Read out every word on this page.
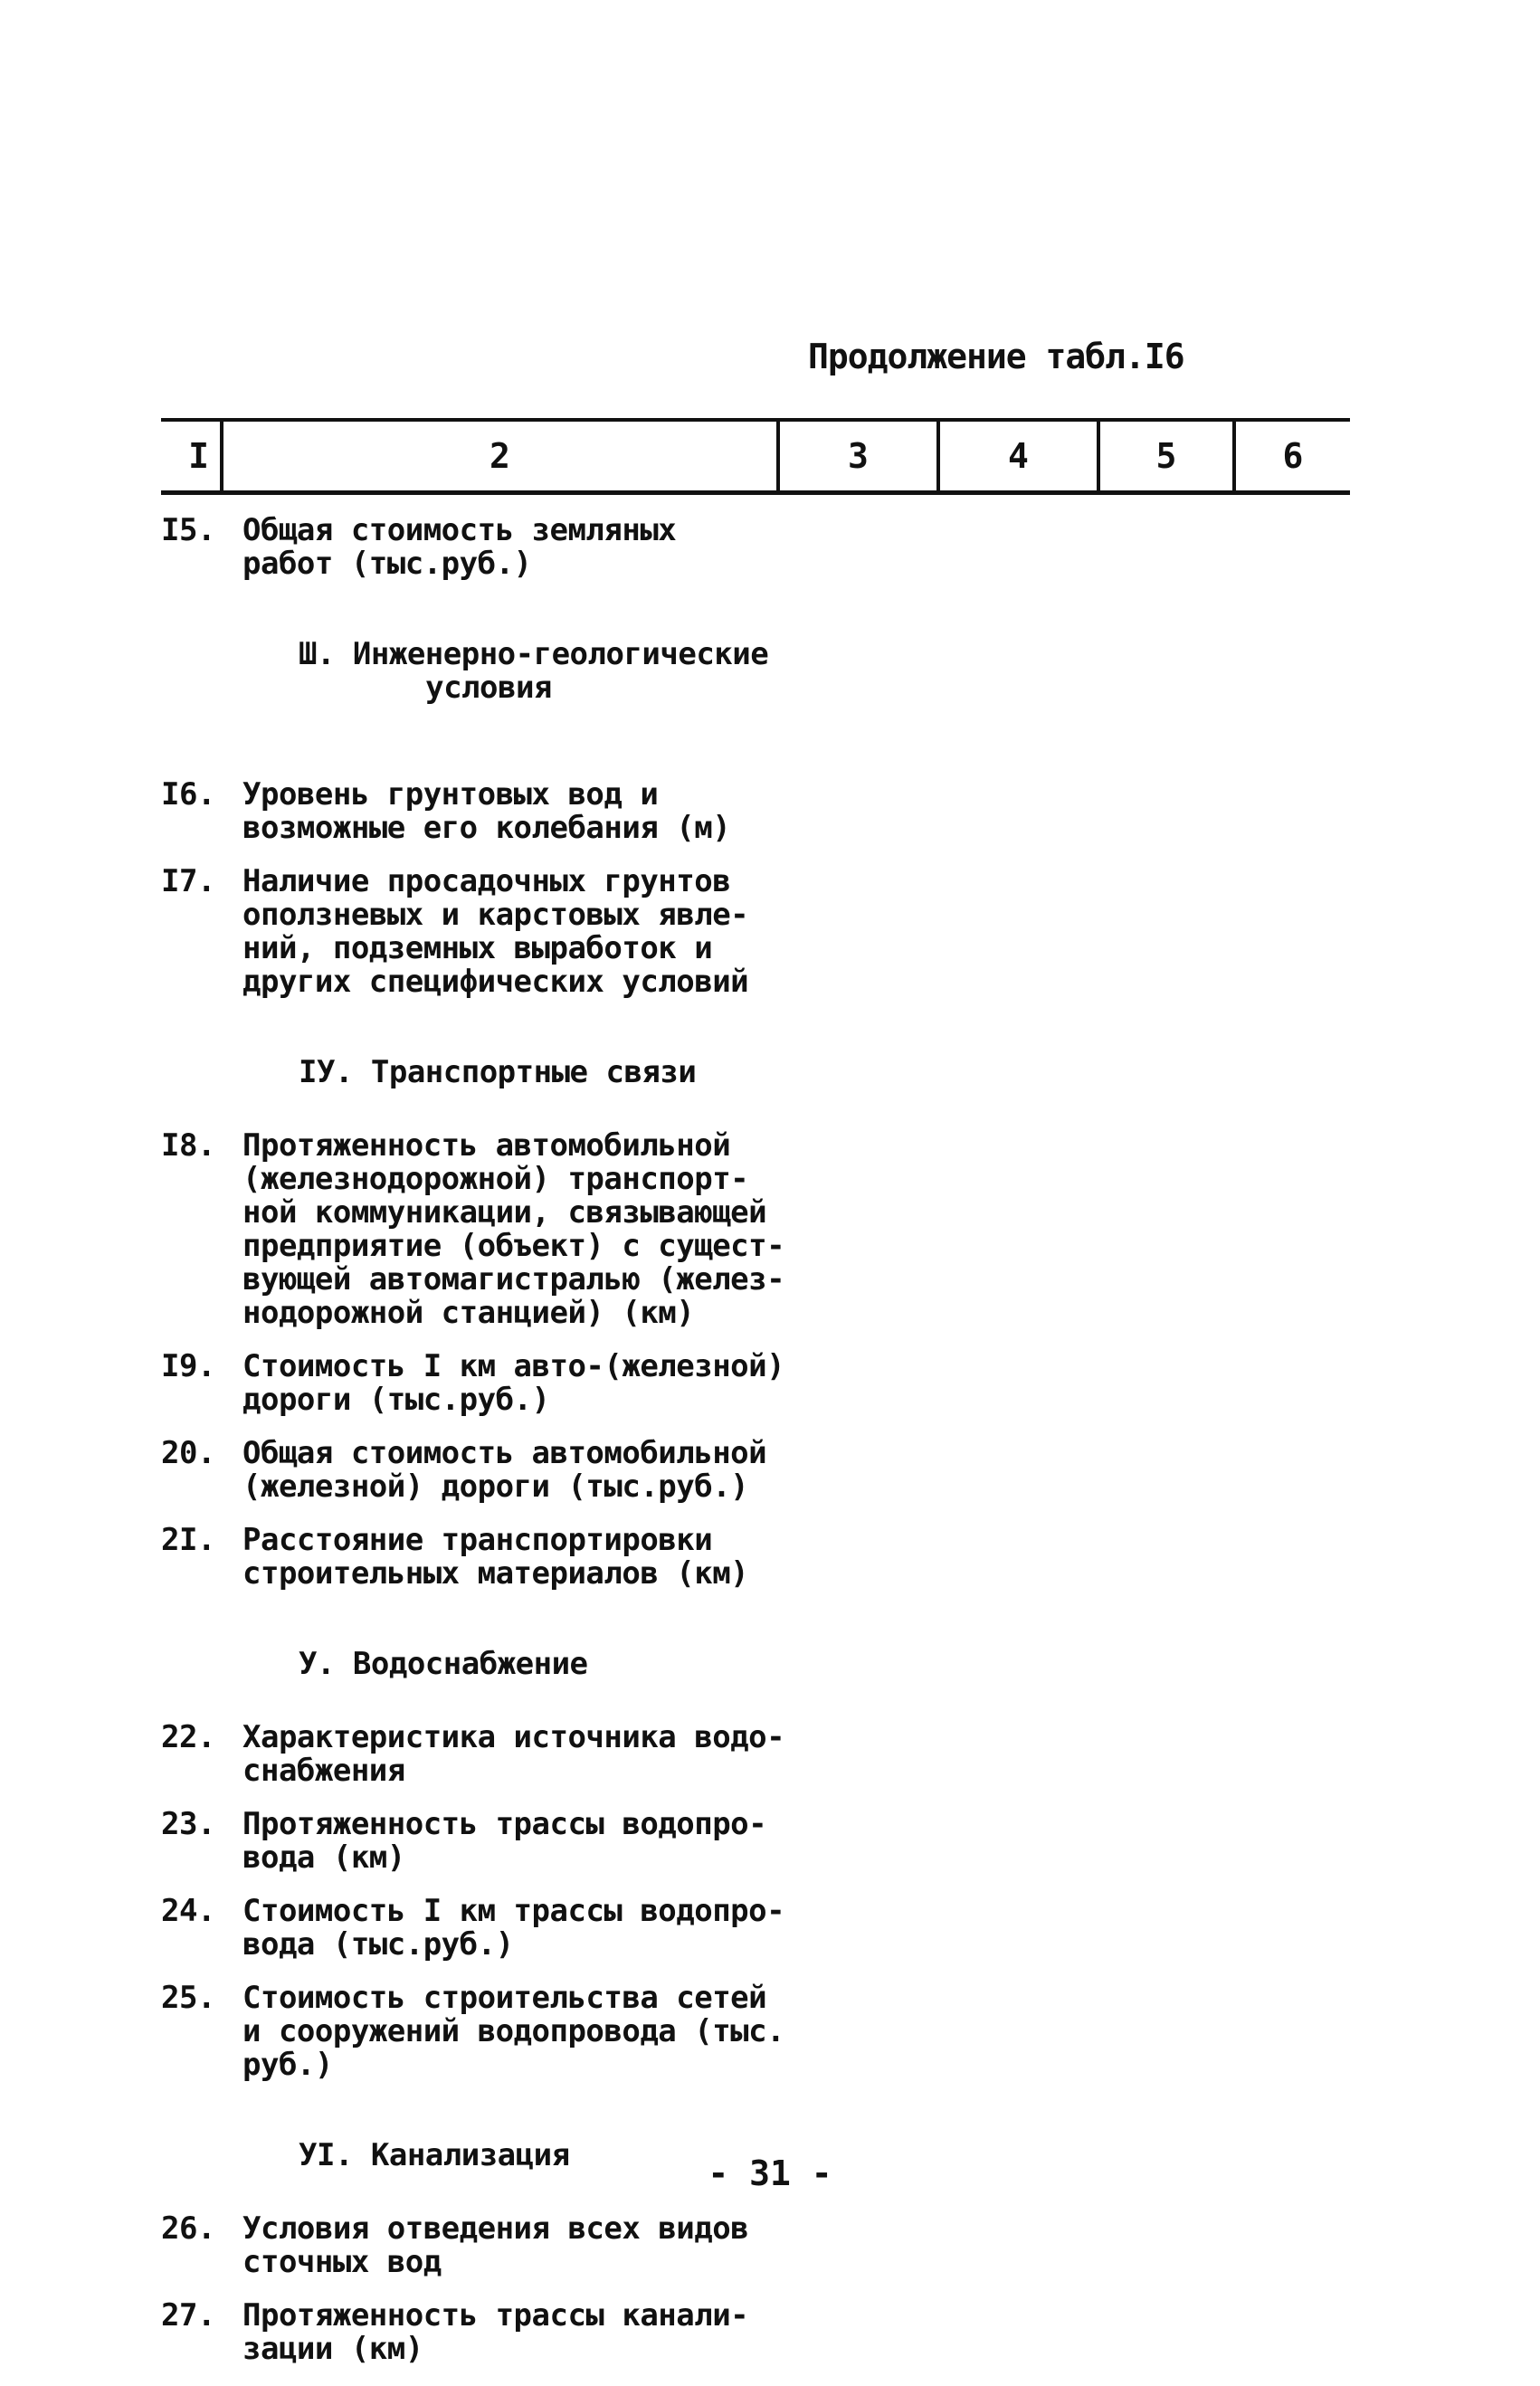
Продолжение табл.I6
I	2	3	4	5	6
I5. Общая стоимость земляных
работ (тыс.руб.)

Ш. Инженерно-геологические

условия

I6. Уровень грунтовых вод и
возможные его колебания (м)
I7. Наличие просадочных грунтов
оползневых и карстовых явле-
ний, подземных выработок и
других специфических условий

IУ. Транспортные связи

I8. Протяженность автомобильной
(железнодорожной) транспорт-
ной коммуникации, связывающей
предприятие (объект) с сущест-
вующей автомагистралью (желез-
нодорожной станцией) (км)
I9. Стоимость I км авто-(железной)
дороги (тыс.руб.)
20. Общая стоимость автомобильной
(железной) дороги (тыс.руб.)
2I. Расстояние транспортировки
строительных материалов (км)

У. Водоснабжение

22. Характеристика источника водо-
снабжения
23. Протяженность трассы водопро-
вода (км)
24. Стоимость I км трассы водопро-
вода (тыс.руб.)
25. Стоимость строительства сетей
и сооружений водопровода (тыс.
руб.)

УI. Канализация

26. Условия отведения всех видов
сточных вод
27. Протяженность трассы канали-
зации (км)
- 31 -
